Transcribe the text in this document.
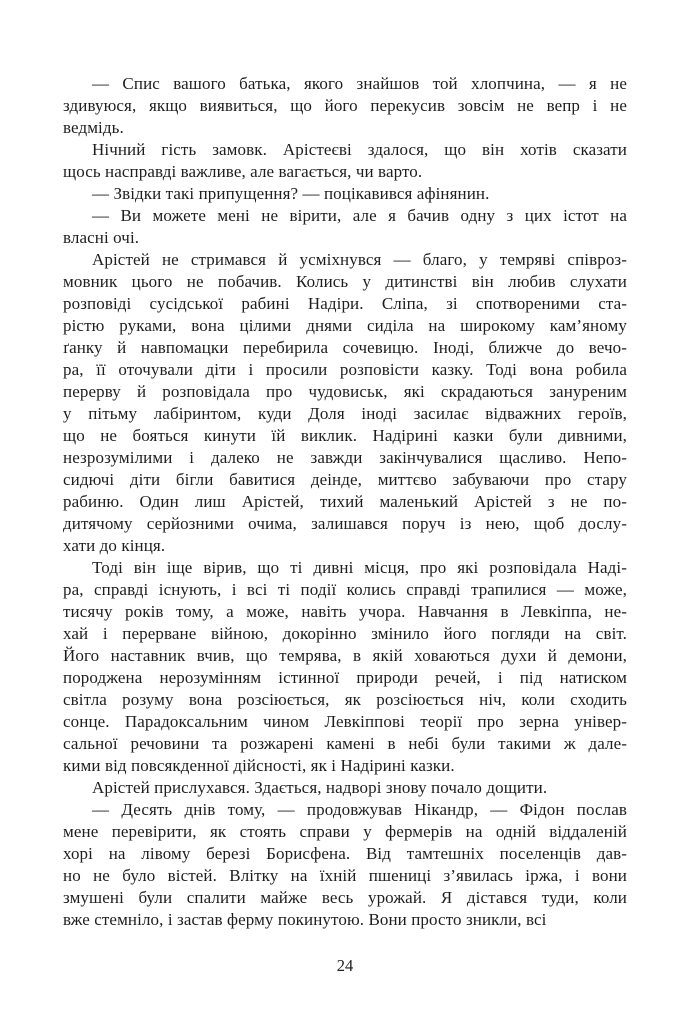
— Спис вашого батька, якого знайшов той хлопчина, — я не
здивуюся, якщо виявиться, що його перекусив зовсім не вепр і не
ведмідь.
Нічний гість замовк. Арістеєві здалося, що він хотів сказати
щось насправді важливе, але вагається, чи варто.
— Звідки такі припущення? — поцікавився афінянин.
— Ви можете мені не вірити, але я бачив одну з цих істот на
власні очі.
Арістей не стримався й усміхнувся — благо, у темряві співроз-
мовник цього не побачив. Колись у дитинстві він любив слухати
розповіді сусідської рабині Надіри. Сліпа, зі спотвореними ста-
рістю руками, вона цілими днями сиділа на широкому кам’яному
ґанку й навпомацки перебирила сочевицю. Іноді, ближче до вечо-
ра, її оточували діти і просили розповісти казку. Тоді вона робила
перерву й розповідала про чудовиськ, які скрадаються зануреним
у пітьму лабіринтом, куди Доля іноді засилає відважних героїв,
що не бояться кинути їй виклик. Надірині казки були дивними,
незрозумілими і далеко не завжди закінчувалися щасливо. Непо-
сидючі діти бігли бавитися деінде, миттєво забуваючи про стару
рабиню. Один лиш Арістей, тихий маленький Арістей з не по-
дитячому серйозними очима, залишався поруч із нею, щоб дослу-
хати до кінця.
Тоді він іще вірив, що ті дивні місця, про які розповідала Наді-
ра, справді існують, і всі ті події колись справді трапилися — може,
тисячу років тому, а може, навіть учора. Навчання в Левкіппа, не-
хай і перерване війною, докорінно змінило його погляди на світ.
Його наставник вчив, що темрява, в якій ховаються духи й демони,
породжена нерозумінням істинної природи речей, і під натиском
світла розуму вона розсіюється, як розсіюється ніч, коли сходить
сонце. Парадоксальним чином Левкіппові теорії про зерна універ-
сальної речовини та розжарені камені в небі були такими ж дале-
кими від повсякденної дійсності, як і Надірині казки.
Арістей прислухався. Здається, надворі знову почало дощити.
— Десять днів тому, — продовжував Нікандр, — Фідон послав
мене перевірити, як стоять справи у фермерів на одній віддаленій
хорі на лівому березі Борисфена. Від тамтешніх поселенців дав-
но не було вістей. Влітку на їхній пшениці з’явилась іржа, і вони
змушені були спалити майже весь урожай. Я дістався туди, коли
вже стемніло, і застав ферму покинутою. Вони просто зникли, всі
24
